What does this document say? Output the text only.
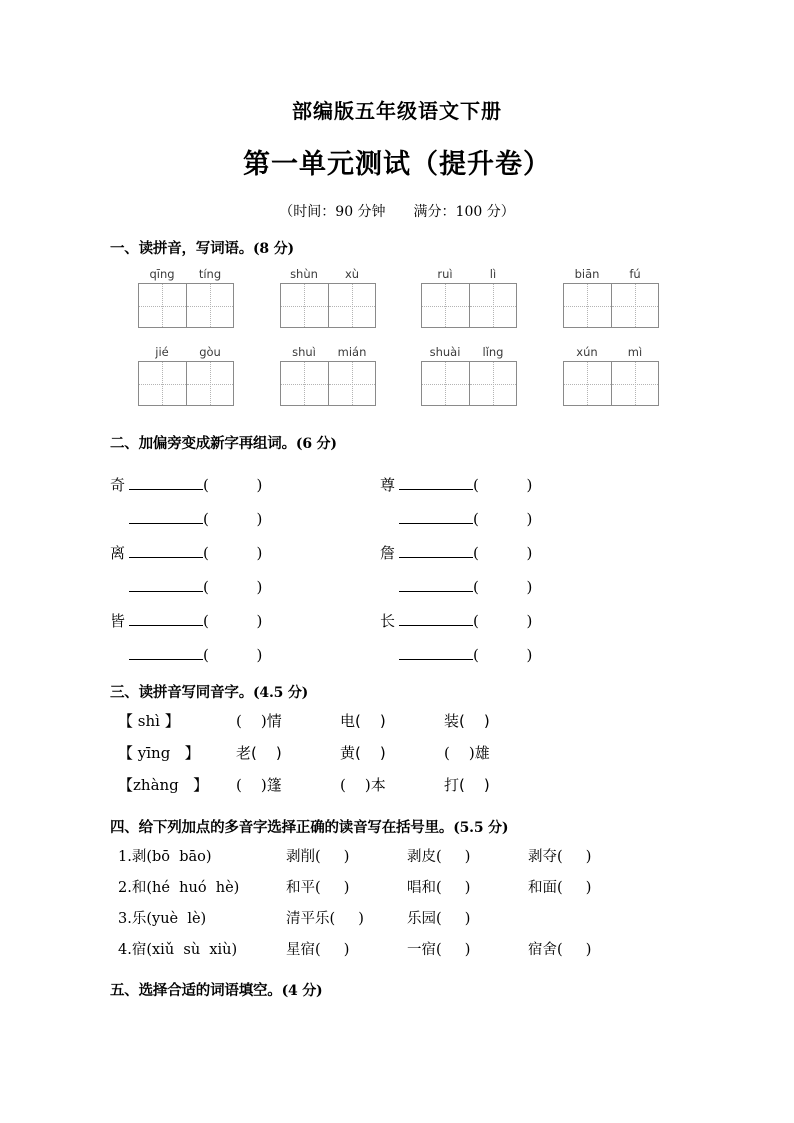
部编版五年级语文下册
第一单元测试（提升卷）

（时间：90 分钟　　满分：100 分）

一、读拼音，写词语。(8 分)
qīng	tíng	shùn	xù	ruì	lì	biān	fú
jié	gòu	shuì	mián	shuài	lǐng	xún	mì
二、加偏旁变成新字再组词。(6 分)
奇	(          )	尊	(          )
(          )	(          )
离	(          )	詹	(          )
(          )	(          )
皆	(          )	长	(          )
(          )	(          )
三、读拼音写同音字。(4.5 分)
【 shì 】	(    )情	电(    )	装(    )
【 yīng   】	老(    )	黄(    )	(    )雄
【zhàng   】	(    )篷	(    )本	打(    )
四、给下列加点的多音字选择正确的读音写在括号里。(5.5 分)
1.剥(bō  bāo)	剥削(     )	剥皮(     )	剥夺(     )
2.和(hé  huó  hè)	和平(     )	唱和(     )	和面(     )
3.乐(yuè  lè)	清平乐(     )	乐园(     )
4.宿(xiǔ  sù  xiù)	星宿(     )	一宿(     )	宿舍(     )
五、选择合适的词语填空。(4 分)
